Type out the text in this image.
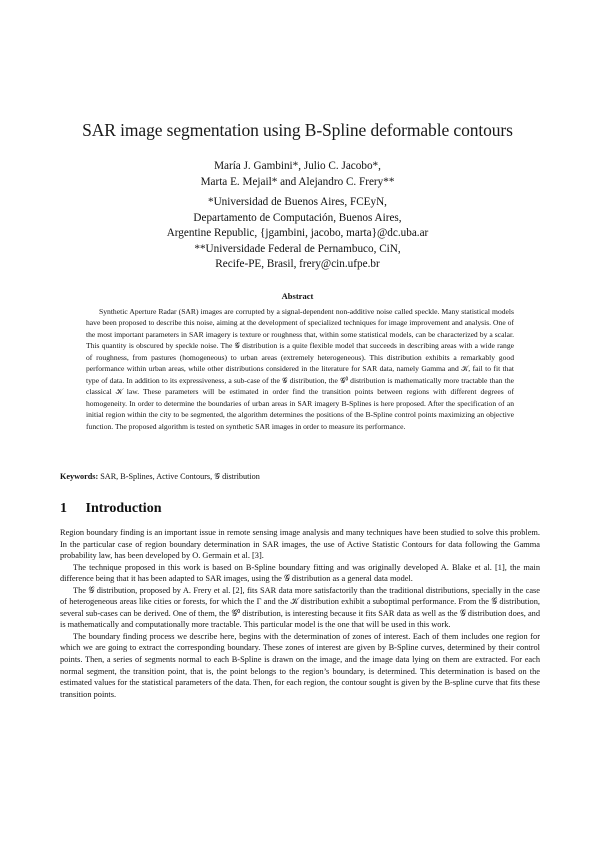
SAR image segmentation using B-Spline deformable contours
María J. Gambini*, Julio C. Jacobo*,
Marta E. Mejail* and Alejandro C. Frery**
*Universidad de Buenos Aires, FCEyN,
Departamento de Computación, Buenos Aires,
Argentine Republic, {jgambini, jacobo, marta}@dc.uba.ar
**Universidade Federal de Pernambuco, CiN,
Recife-PE, Brasil, frery@cin.ufpe.br
Abstract
Synthetic Aperture Radar (SAR) images are corrupted by a signal-dependent non-additive noise called speckle. Many statistical models have been proposed to describe this noise, aiming at the development of specialized techniques for image improvement and analysis. One of the most important parameters in SAR imagery is texture or roughness that, within some statistical models, can be characterized by a scalar. This quantity is obscured by speckle noise. The 𝒢 distribution is a quite flexible model that succeeds in describing areas with a wide range of roughness, from pastures (homogeneous) to urban areas (extremely heterogeneous). This distribution exhibits a remarkably good performance within urban areas, while other distributions considered in the literature for SAR data, namely Gamma and 𝒦, fail to fit that type of data. In addition to its expressiveness, a sub-case of the 𝒢 distribution, the 𝒢⁰ distribution is mathematically more tractable than the classical 𝒦 law. These parameters will be estimated in order find the transition points between regions with different degrees of homogeneity. In order to determine the boundaries of urban areas in SAR imagery B-Splines is here proposed. After the specification of an initial region within the city to be segmented, the algorithm determines the positions of the B-Spline control points maximizing an objective function. The proposed algorithm is tested on synthetic SAR images in order to measure its performance.
Keywords: SAR, B-Splines, Active Contours, 𝒢 distribution
1 Introduction

Region boundary finding is an important issue in remote sensing image analysis and many techniques have been studied to solve this problem. In the particular case of region boundary determination in SAR images, the use of Active Statistic Contours for data following the Gamma probability law, has been developed by O. Germain et al. [3].

The technique proposed in this work is based on B-Spline boundary fitting and was originally developed A. Blake et al. [1], the main difference being that it has been adapted to SAR images, using the 𝒢 distribution as a general data model.

The 𝒢 distribution, proposed by A. Frery et al. [2], fits SAR data more satisfactorily than the traditional distributions, specially in the case of heterogeneous areas like cities or forests, for which the Γ and the 𝒦 distribution exhibit a suboptimal performance. From the 𝒢 distribution, several sub-cases can be derived. One of them, the 𝒢⁰ distribution, is interesting because it fits SAR data as well as the 𝒢 distribution does, and is mathematically and computationally more tractable. This particular model is the one that will be used in this work.

The boundary finding process we describe here, begins with the determination of zones of interest. Each of them includes one region for which we are going to extract the corresponding boundary. These zones of interest are given by B-Spline curves, determined by their control points. Then, a series of segments normal to each B-Spline is drawn on the image, and the image data lying on them are extracted. For each normal segment, the transition point, that is, the point belongs to the region’s boundary, is determined. This determination is based on the estimated values for the statistical parameters of the data. Then, for each region, the contour sought is given by the B-spline curve that fits these transition points.
